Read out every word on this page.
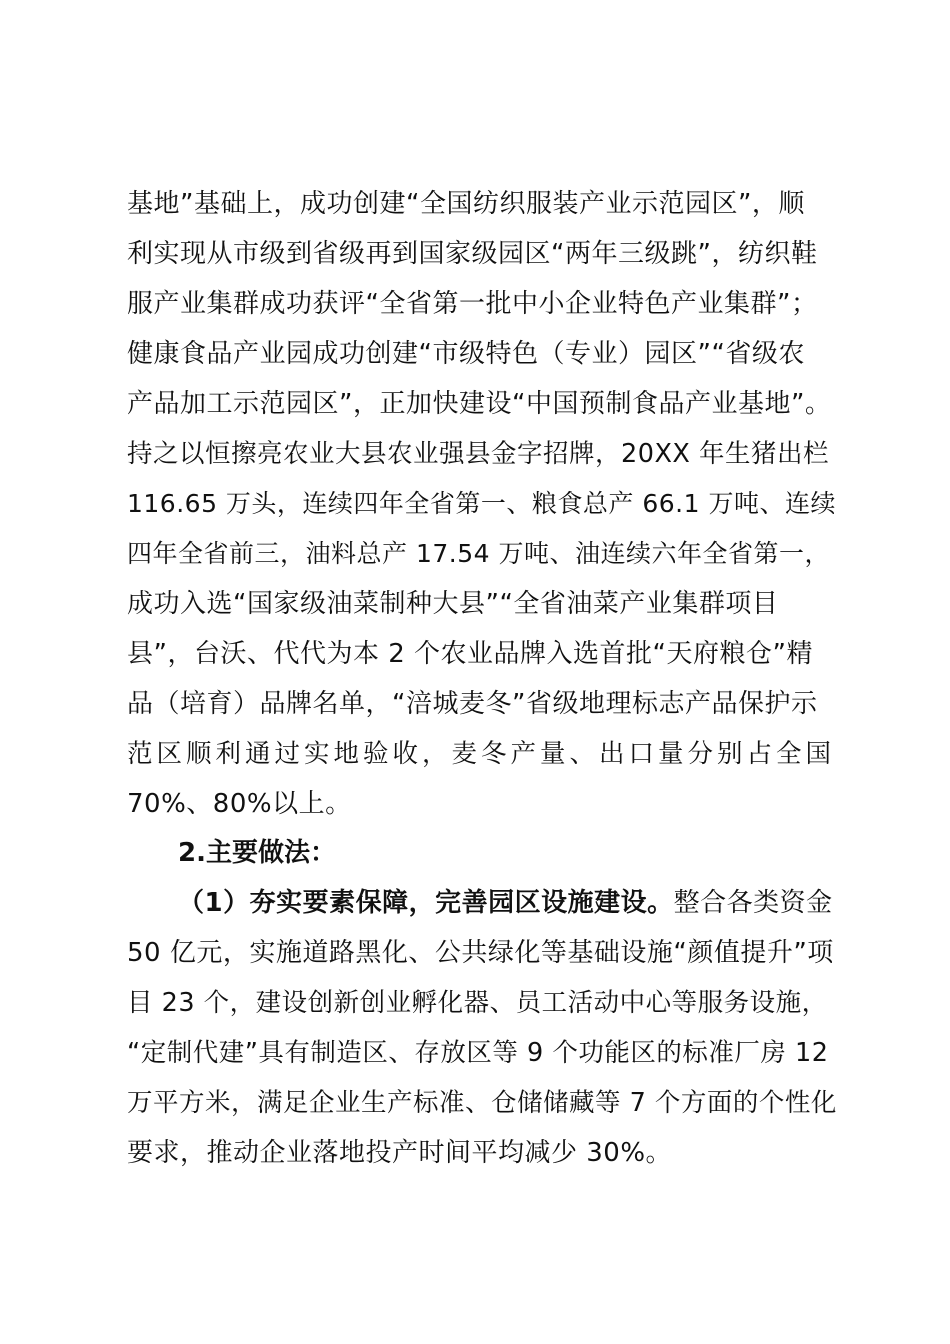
基地”基础上，成功创建“全国纺织服装产业示范园区”，顺
利实现从市级到省级再到国家级园区“两年三级跳”，纺织鞋
服产业集群成功获评“全省第一批中小企业特色产业集群”；
健康食品产业园成功创建“市级特色（专业）园区”“省级农
产品加工示范园区”，正加快建设“中国预制食品产业基地”。
持之以恒擦亮农业大县农业强县金字招牌，20XX 年生猪出栏
116.65 万头，连续四年全省第一、粮食总产 66.1 万吨、连续
四年全省前三，油料总产 17.54 万吨、油连续六年全省第一，
成功入选“国家级油菜制种大县”“全省油菜产业集群项目
县”，台沃、代代为本 2 个农业品牌入选首批“天府粮仓”精
品（培育）品牌名单，“涪城麦冬”省级地理标志产品保护示
范区顺利通过实地验收，麦冬产量、出口量分别占全国
70%、80%以上。
2.主要做法：
（1）夯实要素保障，完善园区设施建设。整合各类资金
50 亿元，实施道路黑化、公共绿化等基础设施“颜值提升”项
目 23 个，建设创新创业孵化器、员工活动中心等服务设施，
“定制代建”具有制造区、存放区等 9 个功能区的标准厂房 12
万平方米，满足企业生产标准、仓储储藏等 7 个方面的个性化
要求，推动企业落地投产时间平均减少 30%。
